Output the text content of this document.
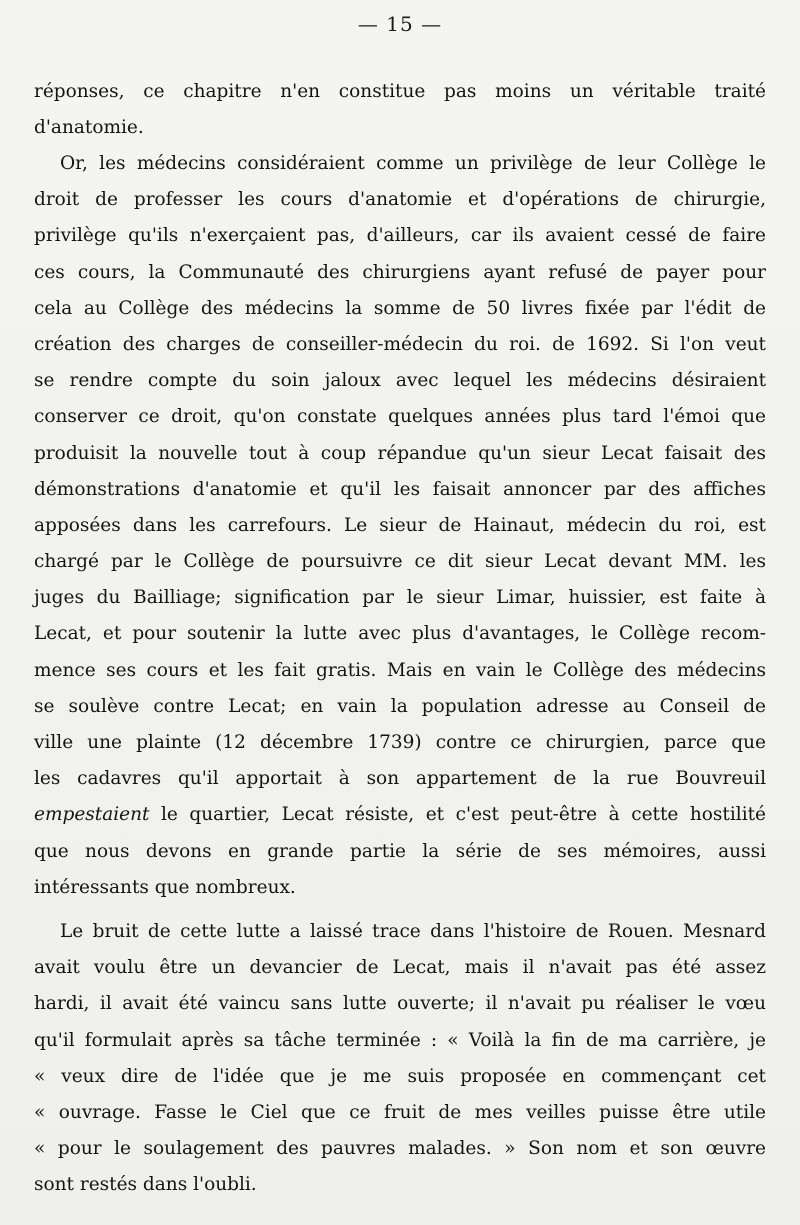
— 15 —
réponses, ce chapitre n'en constitue pas moins un véritable traité
d'anatomie.
Or, les médecins considéraient comme un privilège de leur Collège le
droit de professer les cours d'anatomie et d'opérations de chirurgie,
privilège qu'ils n'exerçaient pas, d'ailleurs, car ils avaient cessé de faire
ces cours, la Communauté des chirurgiens ayant refusé de payer pour
cela au Collège des médecins la somme de 50 livres fixée par l'édit de
création des charges de conseiller-médecin du roi. de 1692. Si l'on veut
se rendre compte du soin jaloux avec lequel les médecins désiraient
conserver ce droit, qu'on constate quelques années plus tard l'émoi que
produisit la nouvelle tout à coup répandue qu'un sieur Lecat faisait des
démonstrations d'anatomie et qu'il les faisait annoncer par des affiches
apposées dans les carrefours. Le sieur de Hainaut, médecin du roi, est
chargé par le Collège de poursuivre ce dit sieur Lecat devant MM. les
juges du Bailliage; signification par le sieur Limar, huissier, est faite à
Lecat, et pour soutenir la lutte avec plus d'avantages, le Collège recom-
mence ses cours et les fait gratis. Mais en vain le Collège des médecins
se soulève contre Lecat; en vain la population adresse au Conseil de
ville une plainte (12 décembre 1739) contre ce chirurgien, parce que
les cadavres qu'il apportait à son appartement de la rue Bouvreuil
empestaient le quartier, Lecat résiste, et c'est peut-être à cette hostilité
que nous devons en grande partie la série de ses mémoires, aussi
intéressants que nombreux.
Le bruit de cette lutte a laissé trace dans l'histoire de Rouen. Mesnard
avait voulu être un devancier de Lecat, mais il n'avait pas été assez
hardi, il avait été vaincu sans lutte ouverte; il n'avait pu réaliser le vœu
qu'il formulait après sa tâche terminée : « Voilà la fin de ma carrière, je
« veux dire de l'idée que je me suis proposée en commençant cet
« ouvrage. Fasse le Ciel que ce fruit de mes veilles puisse être utile
« pour le soulagement des pauvres malades. » Son nom et son œuvre
sont restés dans l'oubli.
